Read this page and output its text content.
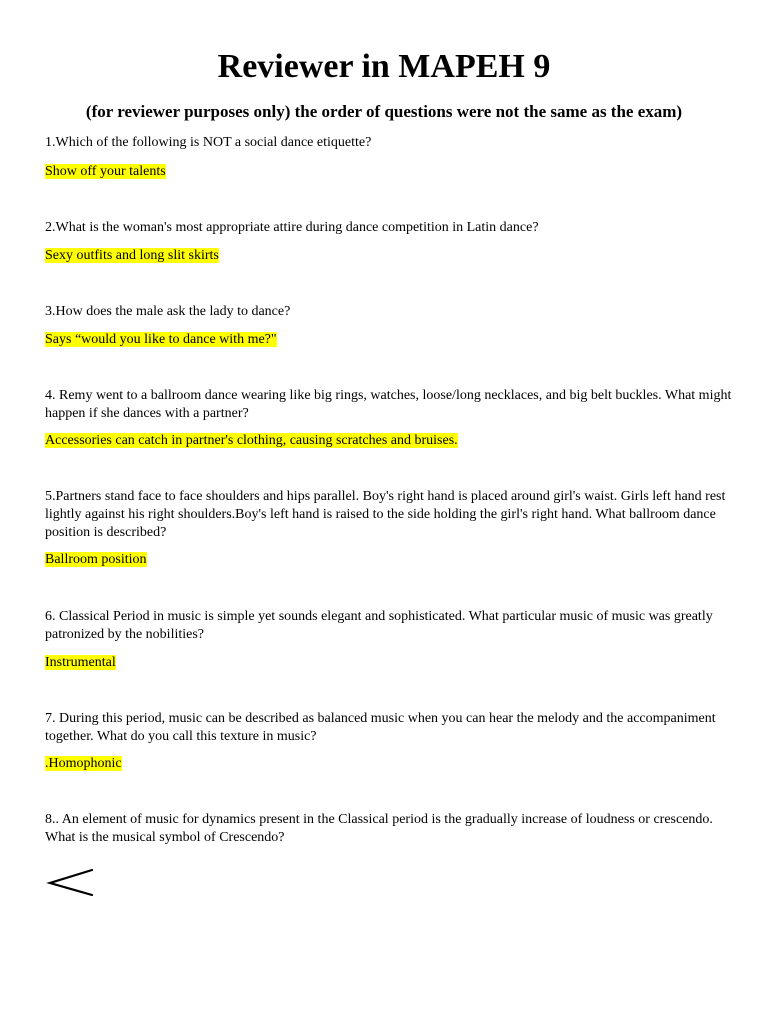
Reviewer in MAPEH 9

(for reviewer purposes only) the order of questions were not the same as the exam)

1.Which of the following is NOT a social dance etiquette?

Show off your talents

2.What is the woman's most appropriate attire during dance competition in Latin dance?

Sexy outfits and long slit skirts

3.How does the male ask the lady to dance?

Says “would you like to dance with me?"

4. Remy went to a ballroom dance wearing like big rings, watches, loose/long necklaces, and big belt buckles. What might happen if she dances with a partner?

Accessories can catch in partner's clothing, causing scratches and bruises.

5.Partners stand face to face shoulders and hips parallel. Boy's right hand is placed around girl's waist. Girls left hand rest lightly against his right shoulders.Boy's left hand is raised to the side holding the girl's right hand. What ballroom dance position is described?

Ballroom position

6. Classical Period in music is simple yet sounds elegant and sophisticated. What particular music of music was greatly patronized by the nobilities?

Instrumental

7. During this period, music can be described as balanced music when you can hear the melody and the accompaniment together. What do you call this texture in music?

.Homophonic

8.. An element of music for dynamics present in the Classical period is the gradually increase of loudness or crescendo. What is the musical symbol of Crescendo?
